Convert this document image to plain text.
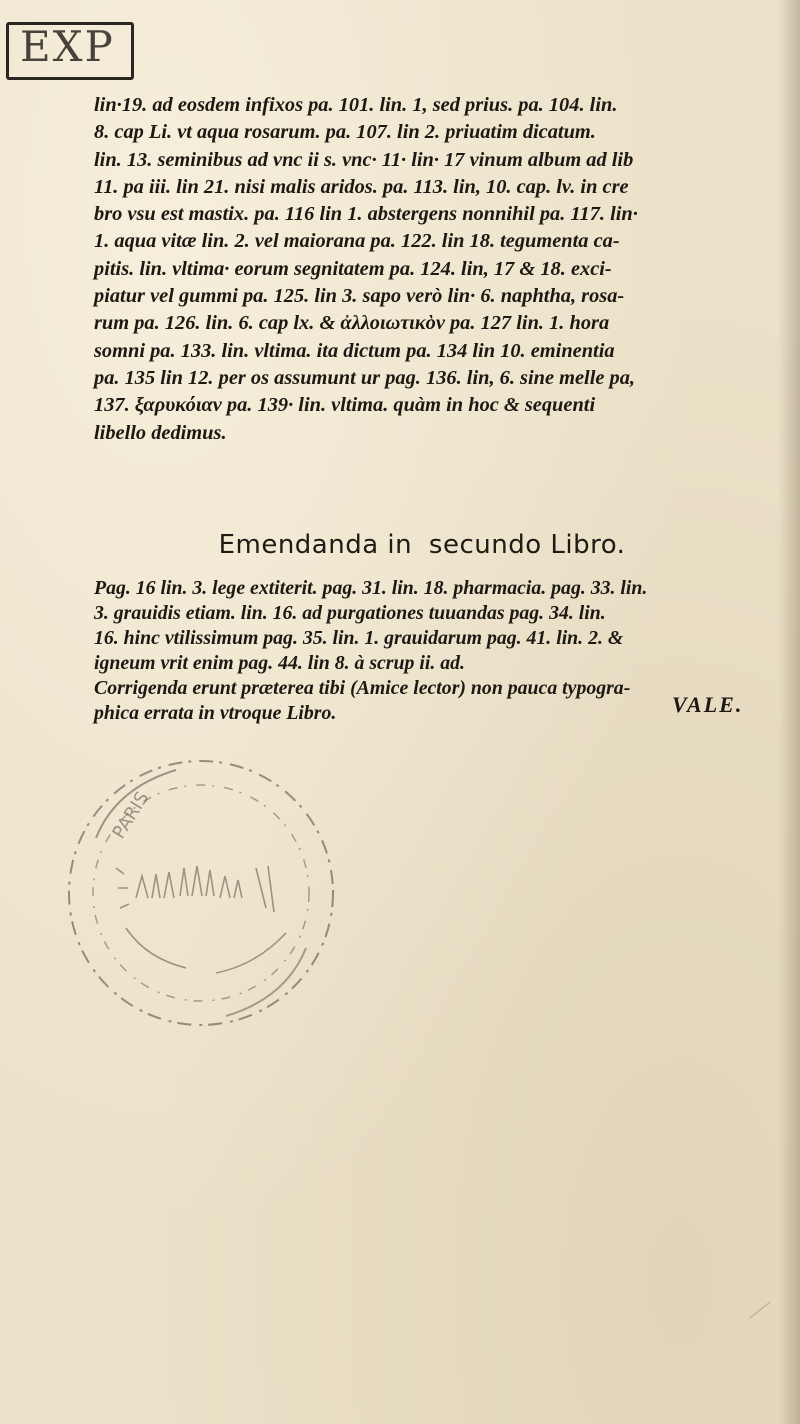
EXP
lin·19. ad eosdem infixos pa. 101. lin. 1, sed prius. pa. 104. lin.
8. cap Li. vt aqua rosarum. pa. 107. lin 2. priuatim dicatum.
lin. 13. seminibus ad vnc ii s. vnc· 11· lin· 17 vinum album ad lib
11. pa iii. lin 21. nisi malis aridos. pa. 113. lin, 10. cap. lv. in cre
bro vsu est mastix. pa. 116 lin 1. abstergens nonnihil pa. 117. lin·
1. aqua vitæ lin. 2. vel maiorana pa. 122. lin 18. tegumenta ca-
pitis. lin. vltima· eorum segnitatem pa. 124. lin, 17 & 18. exci-
piatur vel gummi pa. 125. lin 3. sapo verò lin· 6. naphtha, rosa-
rum pa. 126. lin. 6. cap lx. & ἀλλοιωτικὸν pa. 127 lin. 1. hora
somni pa. 133. lin. vltima. ita dictum pa. 134 lin 10. eminentia
pa. 135 lin 12. per os assumunt ur pag. 136. lin, 6. sine melle pa,
137. ξαρυκόιαν pa. 139· lin. vltima. quàm in hoc & sequenti
libello dedimus.
Emendanda in secundo Libro.
Pag. 16 lin. 3. lege extiterit. pag. 31. lin. 18. pharmacia. pag. 33. lin.
3. grauidis etiam. lin. 16. ad purgationes tuuandas pag. 34. lin.
16. hinc vtilissimum pag. 35. lin. 1. grauidarum pag. 41. lin. 2. &
igneum vrit enim pag. 44. lin 8. à scrup ii. ad.
Corrigenda erunt præterea tibi (Amice lector) non pauca typogra-
phica errata in vtroque Libro.	VALE.
PARIS
